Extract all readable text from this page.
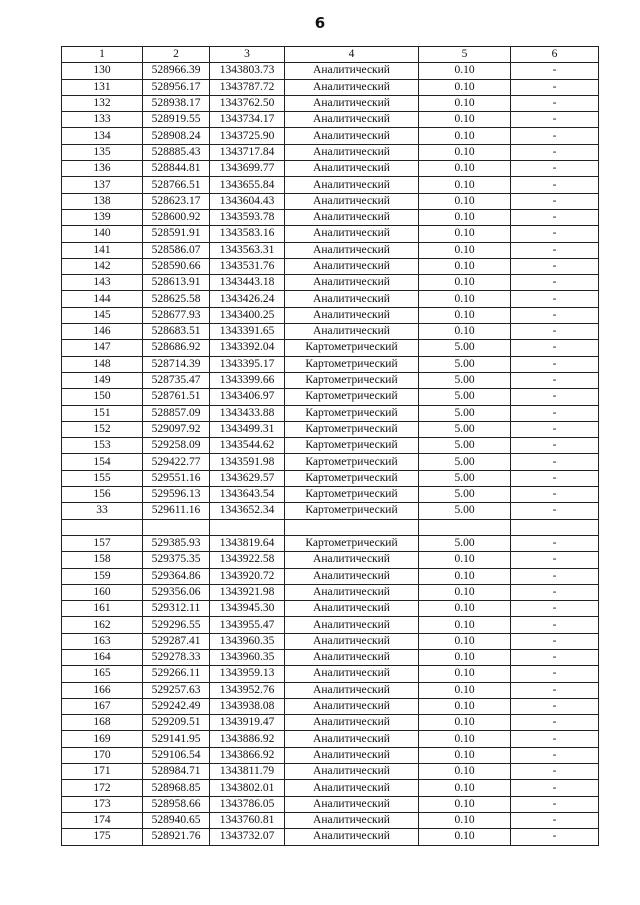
6
1	2	3	4	5	6
130	528966.39	1343803.73	Аналитический	0.10	-
131	528956.17	1343787.72	Аналитический	0.10	-
132	528938.17	1343762.50	Аналитический	0.10	-
133	528919.55	1343734.17	Аналитический	0.10	-
134	528908.24	1343725.90	Аналитический	0.10	-
135	528885.43	1343717.84	Аналитический	0.10	-
136	528844.81	1343699.77	Аналитический	0.10	-
137	528766.51	1343655.84	Аналитический	0.10	-
138	528623.17	1343604.43	Аналитический	0.10	-
139	528600.92	1343593.78	Аналитический	0.10	-
140	528591.91	1343583.16	Аналитический	0.10	-
141	528586.07	1343563.31	Аналитический	0.10	-
142	528590.66	1343531.76	Аналитический	0.10	-
143	528613.91	1343443.18	Аналитический	0.10	-
144	528625.58	1343426.24	Аналитический	0.10	-
145	528677.93	1343400.25	Аналитический	0.10	-
146	528683.51	1343391.65	Аналитический	0.10	-
147	528686.92	1343392.04	Картометрический	5.00	-
148	528714.39	1343395.17	Картометрический	5.00	-
149	528735.47	1343399.66	Картометрический	5.00	-
150	528761.51	1343406.97	Картометрический	5.00	-
151	528857.09	1343433.88	Картометрический	5.00	-
152	529097.92	1343499.31	Картометрический	5.00	-
153	529258.09	1343544.62	Картометрический	5.00	-
154	529422.77	1343591.98	Картометрический	5.00	-
155	529551.16	1343629.57	Картометрический	5.00	-
156	529596.13	1343643.54	Картометрический	5.00	-
33	529611.16	1343652.34	Картометрический	5.00	-

157	529385.93	1343819.64	Картометрический	5.00	-
158	529375.35	1343922.58	Аналитический	0.10	-
159	529364.86	1343920.72	Аналитический	0.10	-
160	529356.06	1343921.98	Аналитический	0.10	-
161	529312.11	1343945.30	Аналитический	0.10	-
162	529296.55	1343955.47	Аналитический	0.10	-
163	529287.41	1343960.35	Аналитический	0.10	-
164	529278.33	1343960.35	Аналитический	0.10	-
165	529266.11	1343959.13	Аналитический	0.10	-
166	529257.63	1343952.76	Аналитический	0.10	-
167	529242.49	1343938.08	Аналитический	0.10	-
168	529209.51	1343919.47	Аналитический	0.10	-
169	529141.95	1343886.92	Аналитический	0.10	-
170	529106.54	1343866.92	Аналитический	0.10	-
171	528984.71	1343811.79	Аналитический	0.10	-
172	528968.85	1343802.01	Аналитический	0.10	-
173	528958.66	1343786.05	Аналитический	0.10	-
174	528940.65	1343760.81	Аналитический	0.10	-
175	528921.76	1343732.07	Аналитический	0.10	-
